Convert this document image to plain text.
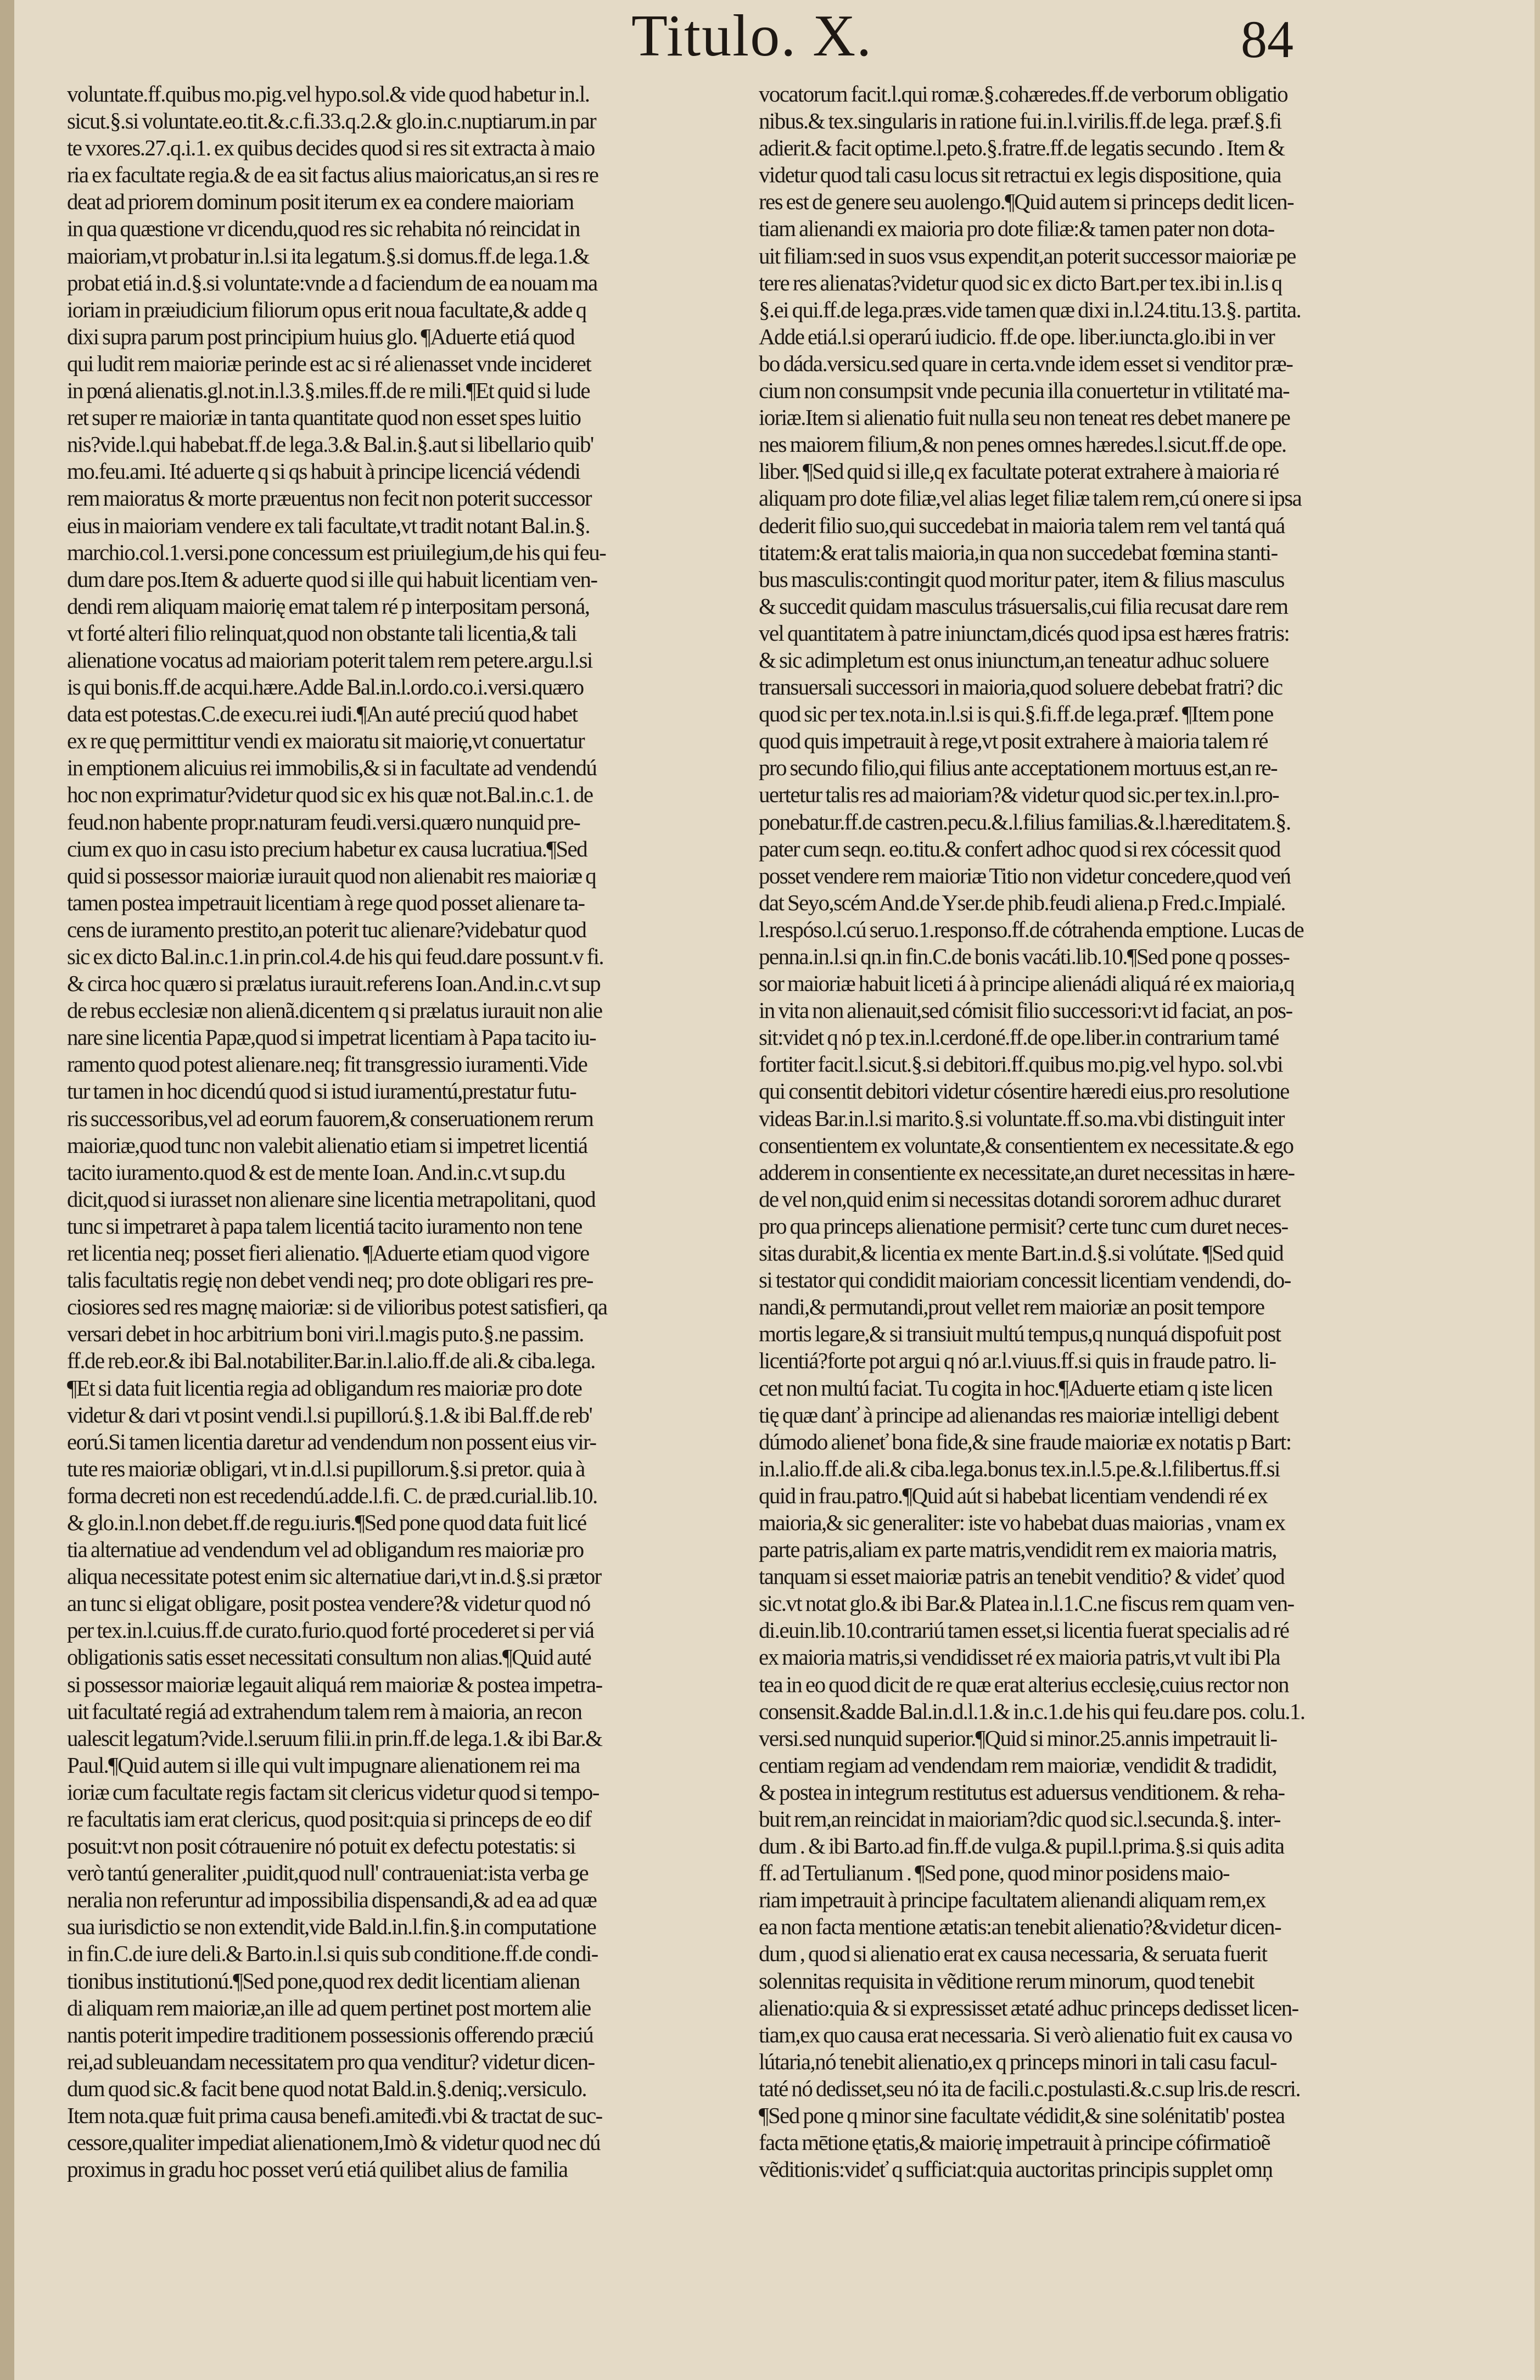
Titulo. X.	84
voluntate.ff.quibus mo.pig.vel hypo.sol.& vide quod habetur in.l.
sicut.§.si voluntate.eo.tit.&.c.fi.33.q.2.& glo.in.c.nuptiarum.in par
te vxores.27.q.i.1. ex quibus decides quod si res sit extracta à maio
ria ex facultate regia.& de ea sit factus alius maioricatus,an si res re
deat ad priorem dominum posit iterum ex ea condere maioriam
in qua quæstione vr dicendu,quod res sic rehabita nó reincidat in
maioriam,vt probatur in.l.si ita legatum.§.si domus.ff.de lega.1.&
probat etiá in.d.§.si voluntate:vnde a d faciendum de ea nouam ma
ioriam in præiudicium filiorum opus erit noua facultate,& adde q
dixi supra parum post principium huius glo. ¶Aduerte etiá quod
qui ludit rem maioriæ perinde est ac si ré alienasset vnde incideret
in pœná alienatis.gl.not.in.l.3.§.miles.ff.de re mili.¶Et quid si lude
ret super re maioriæ in tanta quantitate quod non esset spes luitio
nis?vide.l.qui habebat.ff.de lega.3.& Bal.in.§.aut si libellario quib'
mo.feu.ami. Ité aduerte q si qs habuit à principe licenciá védendi
rem maioratus & morte præuentus non fecit non poterit successor
eius in maioriam vendere ex tali facultate,vt tradit notant Bal.in.§.
marchio.col.1.versi.pone concessum est priuilegium,de his qui feu-
dum dare pos.Item & aduerte quod si ille qui habuit licentiam ven-
dendi rem aliquam maiorię emat talem ré p interpositam personá,
vt forté alteri filio relinquat,quod non obstante tali licentia,& tali
alienatione vocatus ad maioriam poterit talem rem petere.argu.l.si
is qui bonis.ff.de acqui.hære.Adde Bal.in.l.ordo.co.i.versi.quæro
data est potestas.C.de execu.rei iudi.¶An auté preciú quod habet
ex re quę permittitur vendi ex maioratu sit maiorię,vt conuertatur
in emptionem alicuius rei immobilis,& si in facultate ad vendendú
hoc non exprimatur?videtur quod sic ex his quæ not.Bal.in.c.1. de
feud.non habente propr.naturam feudi.versi.quæro nunquid pre-
cium ex quo in casu isto precium habetur ex causa lucratiua.¶Sed
quid si possessor maioriæ iurauit quod non alienabit res maioriæ q
tamen postea impetrauit licentiam à rege quod posset alienare ta-
cens de iuramento prestito,an poterit tuc alienare?videbatur quod
sic ex dicto Bal.in.c.1.in prin.col.4.de his qui feud.dare possunt.v fi.
& circa hoc quæro si prælatus iurauit.referens Ioan.And.in.c.vt sup
de rebus ecclesiæ non alienã.dicentem q si prælatus iurauit non alie
nare sine licentia Papæ,quod si impetrat licentiam à Papa tacito iu-
ramento quod potest alienare.neq; fit transgressio iuramenti.Vide
tur tamen in hoc dicendú quod si istud iuramentú,prestatur futu-
ris successoribus,vel ad eorum fauorem,& conseruationem rerum
maioriæ,quod tunc non valebit alienatio etiam si impetret licentiá
tacito iuramento.quod & est de mente Ioan. And.in.c.vt sup.du
dicit,quod si iurasset non alienare sine licentia metrapolitani, quod
tunc si impetraret à papa talem licentiá tacito iuramento non tene
ret licentia neq; posset fieri alienatio. ¶Aduerte etiam quod vigore
talis facultatis regię non debet vendi neq; pro dote obligari res pre-
ciosiores sed res magnę maioriæ: si de vilioribus potest satisfieri, qa
versari debet in hoc arbitrium boni viri.l.magis puto.§.ne passim.
ff.de reb.eor.& ibi Bal.notabiliter.Bar.in.l.alio.ff.de ali.& ciba.lega.
¶Et si data fuit licentia regia ad obligandum res maioriæ pro dote
videtur & dari vt posint vendi.l.si pupillorú.§.1.& ibi Bal.ff.de reb'
eorú.Si tamen licentia daretur ad vendendum non possent eius vir-
tute res maioriæ obligari, vt in.d.l.si pupillorum.§.si pretor. quia à
forma decreti non est recedendú.adde.l.fi. C. de præd.curial.lib.10.
& glo.in.l.non debet.ff.de regu.iuris.¶Sed pone quod data fuit licé
tia alternatiue ad vendendum vel ad obligandum res maioriæ pro
aliqua necessitate potest enim sic alternatiue dari,vt in.d.§.si prætor
an tunc si eligat obligare, posit postea vendere?& videtur quod nó
per tex.in.l.cuius.ff.de curato.furio.quod forté procederet si per viá
obligationis satis esset necessitati consultum non alias.¶Quid auté
si possessor maioriæ legauit aliquá rem maioriæ & postea impetra-
uit facultaté regiá ad extrahendum talem rem à maioria, an recon
ualescit legatum?vide.l.seruum filii.in prin.ff.de lega.1.& ibi Bar.&
Paul.¶Quid autem si ille qui vult impugnare alienationem rei ma
ioriæ cum facultate regis factam sit clericus videtur quod si tempo-
re facultatis iam erat clericus, quod posit:quia si princeps de eo dif
posuit:vt non posit cótrauenire nó potuit ex defectu potestatis: si
verò tantú generaliter ,puidit,quod null' contraueniat:ista verba ge
neralia non referuntur ad impossibilia dispensandi,& ad ea ad quæ
sua iurisdictio se non extendit,vide Bald.in.l.fin.§.in computatione
in fin.C.de iure deli.& Barto.in.l.si quis sub conditione.ff.de condi-
tionibus institutionú.¶Sed pone,quod rex dedit licentiam alienan
di aliquam rem maioriæ,an ille ad quem pertinet post mortem alie
nantis poterit impedire traditionem possessionis offerendo præciú
rei,ad subleuandam necessitatem pro qua venditur? videtur dicen-
dum quod sic.& facit bene quod notat Bald.in.§.deniq;.versiculo.
Item nota.quæ fuit prima causa benefi.amiteđi.vbi & tractat de suc-
cessore,qualiter impediat alienationem,Imò & videtur quod nec dú
proximus in gradu hoc posset verú etiá quilibet alius de familia
vocatorum facit.l.qui romæ.§.cohæredes.ff.de verborum obligatio
nibus.& tex.singularis in ratione fui.in.l.virilis.ff.de lega. præf.§.fi
adierit.& facit optime.l.peto.§.fratre.ff.de legatis secundo . Item &
videtur quod tali casu locus sit retractui ex legis dispositione, quia
res est de genere seu auolengo.¶Quid autem si princeps dedit licen-
tiam alienandi ex maioria pro dote filiæ:& tamen pater non dota-
uit filiam:sed in suos vsus expendit,an poterit successor maioriæ pe
tere res alienatas?videtur quod sic ex dicto Bart.per tex.ibi in.l.is q
§.ei qui.ff.de lega.præs.vide tamen quæ dixi in.l.24.titu.13.§. partita.
Adde etiá.l.si operarú iudicio. ff.de ope. liber.iuncta.glo.ibi in ver
bo dáda.versicu.sed quare in certa.vnde idem esset si venditor præ-
cium non consumpsit vnde pecunia illa conuertetur in vtilitaté ma-
ioriæ.Item si alienatio fuit nulla seu non teneat res debet manere pe
nes maiorem filium,& non penes omnes hæredes.l.sicut.ff.de ope.
liber. ¶Sed quid si ille,q ex facultate poterat extrahere à maioria ré
aliquam pro dote filiæ,vel alias leget filiæ talem rem,cú onere si ipsa
dederit filio suo,qui succedebat in maioria talem rem vel tantá quá
titatem:& erat talis maioria,in qua non succedebat fœmina stanti-
bus masculis:contingit quod moritur pater, item & filius masculus
& succedit quidam masculus trásuersalis,cui filia recusat dare rem
vel quantitatem à patre iniunctam,dicés quod ipsa est hæres fratris:
& sic adimpletum est onus iniunctum,an teneatur adhuc soluere
transuersali successori in maioria,quod soluere debebat fratri? dic
quod sic per tex.nota.in.l.si is qui.§.fi.ff.de lega.præf. ¶Item pone
quod quis impetrauit à rege,vt posit extrahere à maioria talem ré
pro secundo filio,qui filius ante acceptationem mortuus est,an re-
uertetur talis res ad maioriam?& videtur quod sic.per tex.in.l.pro-
ponebatur.ff.de castren.pecu.&.l.filius familias.&.l.hæreditatem.§.
pater cum seqn. eo.titu.& confert adhoc quod si rex cócessit quod
posset vendere rem maioriæ Titio non videtur concedere,quod veń
dat Seyo,scém And.de Yser.de phib.feudi aliena.p Fred.c.Impialé.
l.respóso.l.cú seruo.1.responso.ff.de cótrahenda emptione. Lucas de
penna.in.l.si qn.in fin.C.de bonis vacáti.lib.10.¶Sed pone q posses-
sor maioriæ habuit liceti á à principe alienádi aliquá ré ex maioria,q
in vita non alienauit,sed cómisit filio successori:vt id faciat, an pos-
sit:videt q nó p tex.in.l.cerdoné.ff.de ope.liber.in contrarium tamé
fortiter facit.l.sicut.§.si debitori.ff.quibus mo.pig.vel hypo. sol.vbi
qui consentit debitori videtur cósentire hæredi eius.pro resolutione
videas Bar.in.l.si marito.§.si voluntate.ff.so.ma.vbi distinguit inter
consentientem ex voluntate,& consentientem ex necessitate.& ego
adderem in consentiente ex necessitate,an duret necessitas in hære-
de vel non,quid enim si necessitas dotandi sororem adhuc duraret
pro qua princeps alienatione permisit? certe tunc cum duret neces-
sitas durabit,& licentia ex mente Bart.in.d.§.si volútate. ¶Sed quid
si testator qui condidit maioriam concessit licentiam vendendi, do-
nandi,& permutandi,prout vellet rem maioriæ an posit tempore
mortis legare,& si transiuit multú tempus,q nunquá dispofuit post
licentiá?forte pot argui q nó ar.l.viuus.ff.si quis in fraude patro. li-
cet non multú faciat. Tu cogita in hoc.¶Aduerte etiam q iste licen
tię quæ danť à principe ad alienandas res maioriæ intelligi debent
dúmodo alieneť bona fide,& sine fraude maioriæ ex notatis p Bart:
in.l.alio.ff.de ali.& ciba.lega.bonus tex.in.l.5.pe.&.l.filibertus.ff.si
quid in frau.patro.¶Quid aút si habebat licentiam vendendi ré ex
maioria,& sic generaliter: iste vo habebat duas maiorias , vnam ex
parte patris,aliam ex parte matris,vendidit rem ex maioria matris,
tanquam si esset maioriæ patris an tenebit venditio? & videť quod
sic.vt notat glo.& ibi Bar.& Platea in.l.1.C.ne fiscus rem quam ven-
di.euin.lib.10.contrariú tamen esset,si licentia fuerat specialis ad ré
ex maioria matris,si vendidisset ré ex maioria patris,vt vult ibi Pla
tea in eo quod dicit de re quæ erat alterius ecclesię,cuius rector non
consensit.&adde Bal.in.d.l.1.& in.c.1.de his qui feu.dare pos. colu.1.
versi.sed nunquid superior.¶Quid si minor.25.annis impetrauit li-
centiam regiam ad vendendam rem maioriæ, vendidit & tradidit,
& postea in integrum restitutus est aduersus venditionem. & reha-
buit rem,an reincidat in maioriam?dic quod sic.l.secunda.§. inter-
dum . & ibi Barto.ad fin.ff.de vulga.& pupil.l.prima.§.si quis adita
ff. ad Tertulianum . ¶Sed pone, quod minor posidens maio-
riam impetrauit à principe facultatem alienandi aliquam rem,ex
ea non facta mentione ætatis:an tenebit alienatio?&videtur dicen-
dum , quod si alienatio erat ex causa necessaria, & seruata fuerit
solennitas requisita in vẽditione rerum minorum, quod tenebit
alienatio:quia & si expressisset ætaté adhuc princeps dedisset licen-
tiam,ex quo causa erat necessaria. Si verò alienatio fuit ex causa vo
lútaria,nó tenebit alienatio,ex q princeps minori in tali casu facul-
taté nó dedisset,seu nó ita de facili.c.postulasti.&.c.sup lris.de rescri.
¶Sed pone q minor sine facultate védidit,& sine solénitatib' postea
facta mētione ętatis,& maiorię impetrauit à principe cófirmatioẽ
vẽditionis:videť q sufficiat:quia auctoritas principis supplet omņ
